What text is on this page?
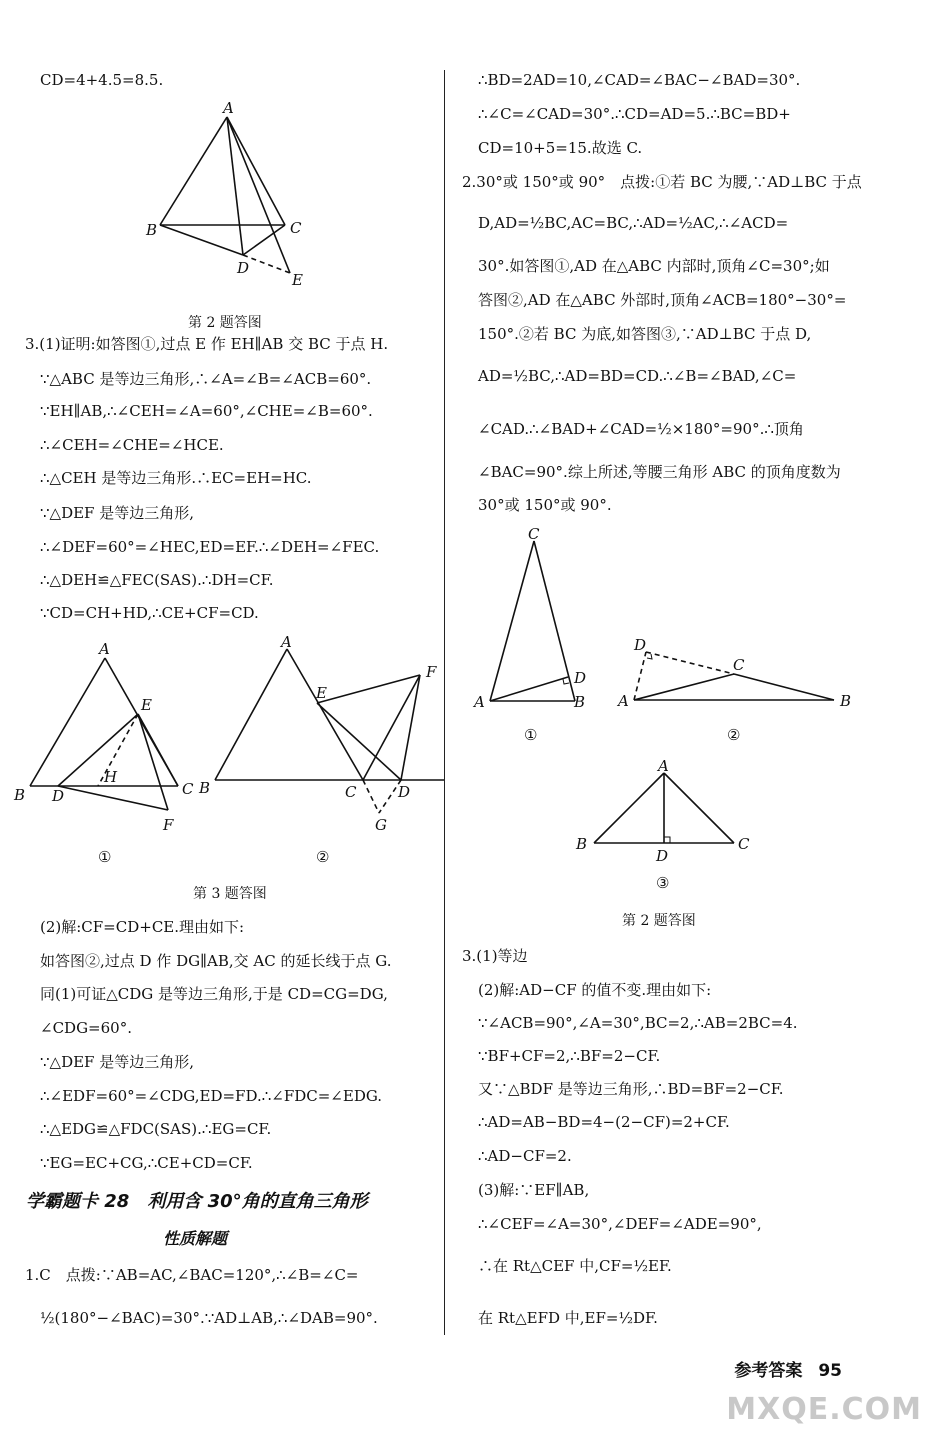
CD=4+4.5=8.5.
A
B	C
D
E
第 2 题答图
3.(1)证明:如答图①,过点 E 作 EH∥AB 交 BC 于点 H.
∵△ABC 是等边三角形,∴∠A=∠B=∠ACB=60°.
∵EH∥AB,∴∠CEH=∠A=60°,∠CHE=∠B=60°.
∴∠CEH=∠CHE=∠HCE.
∴△CEH 是等边三角形.∴EC=EH=HC.
∵△DEF 是等边三角形,
∴∠DEF=60°=∠HEC,ED=EF.∴∠DEH=∠FEC.
∴△DEH≌△FEC(SAS).∴DH=CF.
∵CD=CH+HD,∴CE+CF=CD.
A
B D
E
H
C
F
A
B
E
F
C	D
G
①	②
第 3 题答图
(2)解:CF=CD+CE.理由如下:
如答图②,过点 D 作 DG∥AB,交 AC 的延长线于点 G.
同(1)可证△CDG 是等边三角形,于是 CD=CG=DG,
∠CDG=60°.
∵△DEF 是等边三角形,
∴∠EDF=60°=∠CDG,ED=FD.∴∠FDC=∠EDG.
∴△EDG≌△FDC(SAS).∴EG=CF.
∵EG=EC+CG,∴CE+CD=CF.
学霸题卡 28　利用含 30°角的直角三角形
性质解题
1.C　点拨:∵AB=AC,∠BAC=120°,∴∠B=∠C=
½(180°−∠BAC)=30°.∵AD⊥AB,∴∠DAB=90°.
∴BD=2AD=10,∠CAD=∠BAC−∠BAD=30°.
∴∠C=∠CAD=30°.∴CD=AD=5.∴BC=BD+
CD=10+5=15.故选 C.
2.30°或 150°或 90°　点拨:①若 BC 为腰,∵AD⊥BC 于点
D,AD=½BC,AC=BC,∴AD=½AC,∴∠ACD=
30°.如答图①,AD 在△ABC 内部时,顶角∠C=30°;如
答图②,AD 在△ABC 外部时,顶角∠ACB=180°−30°=
150°.②若 BC 为底,如答图③,∵AD⊥BC 于点 D,
AD=½BC,∴AD=BD=CD.∴∠B=∠BAD,∠C=
∠CAD.∴∠BAD+∠CAD=½×180°=90°.∴顶角
∠BAC=90°.综上所述,等腰三角形 ABC 的顶角度数为
30°或 150°或 90°.
C
A
D
B
D
C
A	B
①	②
A
B
D
C
③
第 2 题答图
3.(1)等边
(2)解:AD−CF 的值不变.理由如下:
∵∠ACB=90°,∠A=30°,BC=2,∴AB=2BC=4.
∵BF+CF=2,∴BF=2−CF.
又∵△BDF 是等边三角形,∴BD=BF=2−CF.
∴AD=AB−BD=4−(2−CF)=2+CF.
∴AD−CF=2.
(3)解:∵EF∥AB,
∴∠CEF=∠A=30°,∠DEF=∠ADE=90°,
∴在 Rt△CEF 中,CF=½EF.
在 Rt△EFD 中,EF=½DF.
参考答案 95
MXQE.COM
